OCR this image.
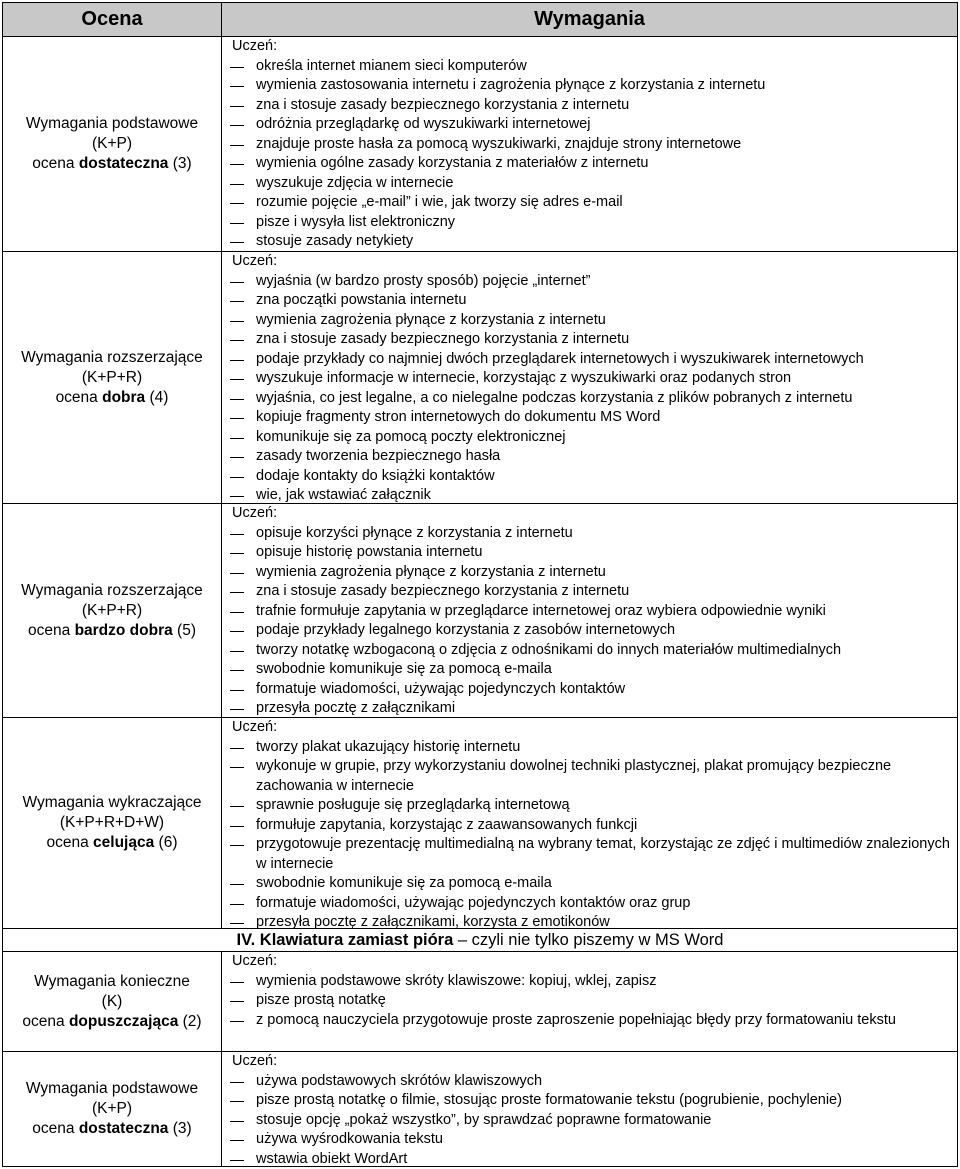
Ocena	Wymagania
Wymagania podstawowe
(K+P)
ocena dostateczna (3)
Uczeń:
określa internet mianem sieci komputerów
wymienia zastosowania internetu i zagrożenia płynące z korzystania z internetu
zna i stosuje zasady bezpiecznego korzystania z internetu
odróżnia przeglądarkę od wyszukiwarki internetowej
znajduje proste hasła za pomocą wyszukiwarki, znajduje strony internetowe
wymienia ogólne zasady korzystania z materiałów z internetu
wyszukuje zdjęcia w internecie
rozumie pojęcie „e-mail” i wie, jak tworzy się adres e-mail
pisze i wysyła list elektroniczny
stosuje zasady netykiety
Wymagania rozszerzające
(K+P+R)
ocena dobra (4)
Uczeń:
wyjaśnia (w bardzo prosty sposób) pojęcie „internet”
zna początki powstania internetu
wymienia zagrożenia płynące z korzystania z internetu
zna i stosuje zasady bezpiecznego korzystania z internetu
podaje przykłady co najmniej dwóch przeglądarek internetowych i wyszukiwarek internetowych
wyszukuje informacje w internecie, korzystając z wyszukiwarki oraz podanych stron
wyjaśnia, co jest legalne, a co nielegalne podczas korzystania z plików pobranych z internetu
kopiuje fragmenty stron internetowych do dokumentu MS Word
komunikuje się za pomocą poczty elektronicznej
zasady tworzenia bezpiecznego hasła
dodaje kontakty do książki kontaktów
wie, jak wstawiać załącznik
Wymagania rozszerzające
(K+P+R)
ocena bardzo dobra (5)
Uczeń:
opisuje korzyści płynące z korzystania z internetu
opisuje historię powstania internetu
wymienia zagrożenia płynące z korzystania z internetu
zna i stosuje zasady bezpiecznego korzystania z internetu
trafnie formułuje zapytania w przeglądarce internetowej oraz wybiera odpowiednie wyniki
podaje przykłady legalnego korzystania z zasobów internetowych
tworzy notatkę wzbogaconą o zdjęcia z odnośnikami do innych materiałów multimedialnych
swobodnie komunikuje się za pomocą e-maila
formatuje wiadomości, używając pojedynczych kontaktów
przesyła pocztę z załącznikami
Wymagania wykraczające
(K+P+R+D+W)
ocena celująca (6)
Uczeń:
tworzy plakat ukazujący historię internetu
wykonuje w grupie, przy wykorzystaniu dowolnej techniki plastycznej, plakat promujący bezpieczne zachowania w internecie
sprawnie posługuje się przeglądarką internetową
formułuje zapytania, korzystając z zaawansowanych funkcji
przygotowuje prezentację multimedialną na wybrany temat, korzystając ze zdjęć i multimediów znalezionych w internecie
swobodnie komunikuje się za pomocą e-maila
formatuje wiadomości, używając pojedynczych kontaktów oraz grup
przesyła pocztę z załącznikami, korzysta z emotikonów
IV. Klawiatura zamiast pióra – czyli nie tylko piszemy w MS Word
Wymagania konieczne
(K)
ocena dopuszczająca (2)
Uczeń:
wymienia podstawowe skróty klawiszowe: kopiuj, wklej, zapisz
pisze prostą notatkę
z pomocą nauczyciela przygotowuje proste zaproszenie popełniając błędy przy formatowaniu tekstu
Wymagania podstawowe
(K+P)
ocena dostateczna (3)
Uczeń:
używa podstawowych skrótów klawiszowych
pisze prostą notatkę o filmie, stosując proste formatowanie tekstu (pogrubienie, pochylenie)
stosuje opcję „pokaż wszystko”, by sprawdzać poprawne formatowanie
używa wyśrodkowania tekstu
wstawia obiekt WordArt
